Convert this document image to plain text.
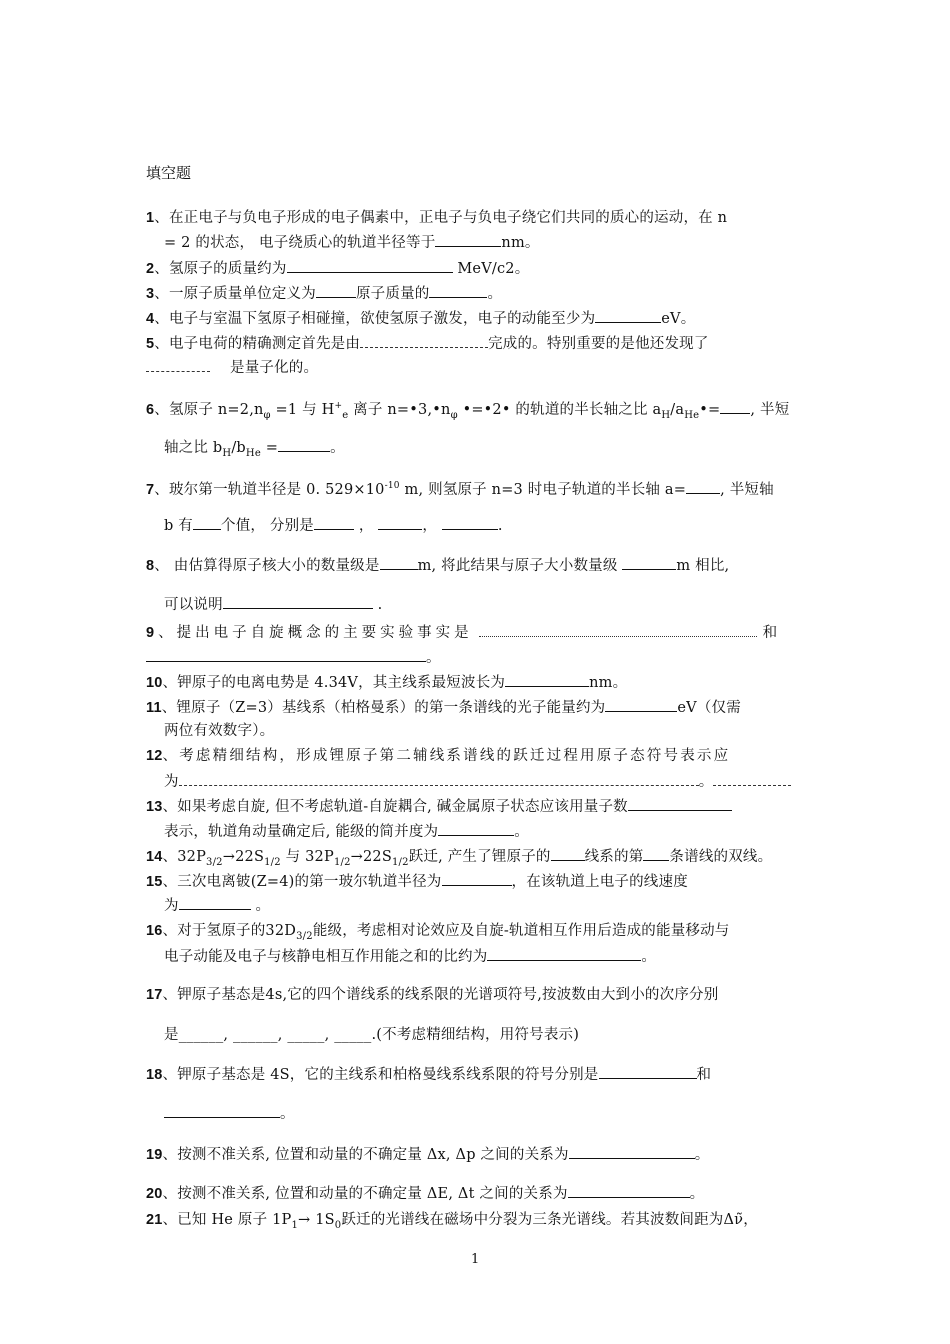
填空题
1、在正电子与负电子形成的电子偶素中，正电子与负电子绕它们共同的质心的运动，在 n
= 2 的状态， 电子绕质心的轨道半径等于	nm。
2、氢原子的质量约为	MeV/c2。
3、一原子质量单位定义为	原子质量的	。
4、电子与室温下氢原子相碰撞，欲使氢原子激发，电子的动能至少为	eV。
5、电子电荷的精确测定首先是由	完成的。特别重要的是他还发现了
是量子化的。
6、氢原子 $n=2,n_\varphi =1$ 与 $H^+_e$ 离子 $n=•3,•n_\varphi$ •=•2• 的轨道的半长轴之比 $a_H/a_{He}•=$ , 半短
轴之比 $b_H/b_{He}$ =	。
7、玻尔第一轨道半径是 0. $529\times 10^{-10}$ m, 则氢原子 n=3 时电子轨道的半长轴 a= , 半短轴
b 有 个值， 分别是	，	，	.
8、 由估算得原子核大小的数量级是	m, 将此结果与原子大小数量级	m 相比,
可以说明	.
9、提出电子自旋概念的主要实验事实是	和
。
10、钾原子的电离电势是 4.34V，其主线系最短波长为	nm。
11、锂原子（Z=3）基线系（柏格曼系）的第一条谱线的光子能量约为	eV（仅需
两位有效数字）。
12、考虑精细结构，形成锂原子第二辅线系谱线的跃迁过程用原子态符号表示应
为	。
13、如果考虑自旋, 但不考虑轨道-自旋耦合, 碱金属原子状态应该用量子数
表示，轨道角动量确定后, 能级的简并度为	。
14、$32P_{3/2}\to 22S_{1/2}$ 与 $32P_{1/2}\to 22S_{1/2}$跃迁, 产生了锂原子的 线系的第 条谱线的双线。
15、三次电离铍(Z=4)的第一玻尔轨道半径为	，在该轨道上电子的线速度
为	。
16、对于氢原子的$32D_{3/2}$能级，考虑相对论效应及自旋-轨道相互作用后造成的能量移动与
电子动能及电子与核静电相互作用能之和的比约为	。
17、钾原子基态是4s,它的四个谱线系的线系限的光谱项符号,按波数由大到小的次序分别
是______, ______, _____, _____.(不考虑精细结构，用符号表示)
18、钾原子基态是 4S，它的主线系和柏格曼线系线系限的符号分别是	和
。
19、按测不准关系, 位置和动量的不确定量 Δx, Δp 之间的关系为	。
20、按测不准关系, 位置和动量的不确定量 ΔE, Δt 之间的关系为	。
21、已知 He 原子 $1P_1\to 1S_0$跃迁的光谱线在磁场中分裂为三条光谱线。若其波数间距为Δν̃，
1
